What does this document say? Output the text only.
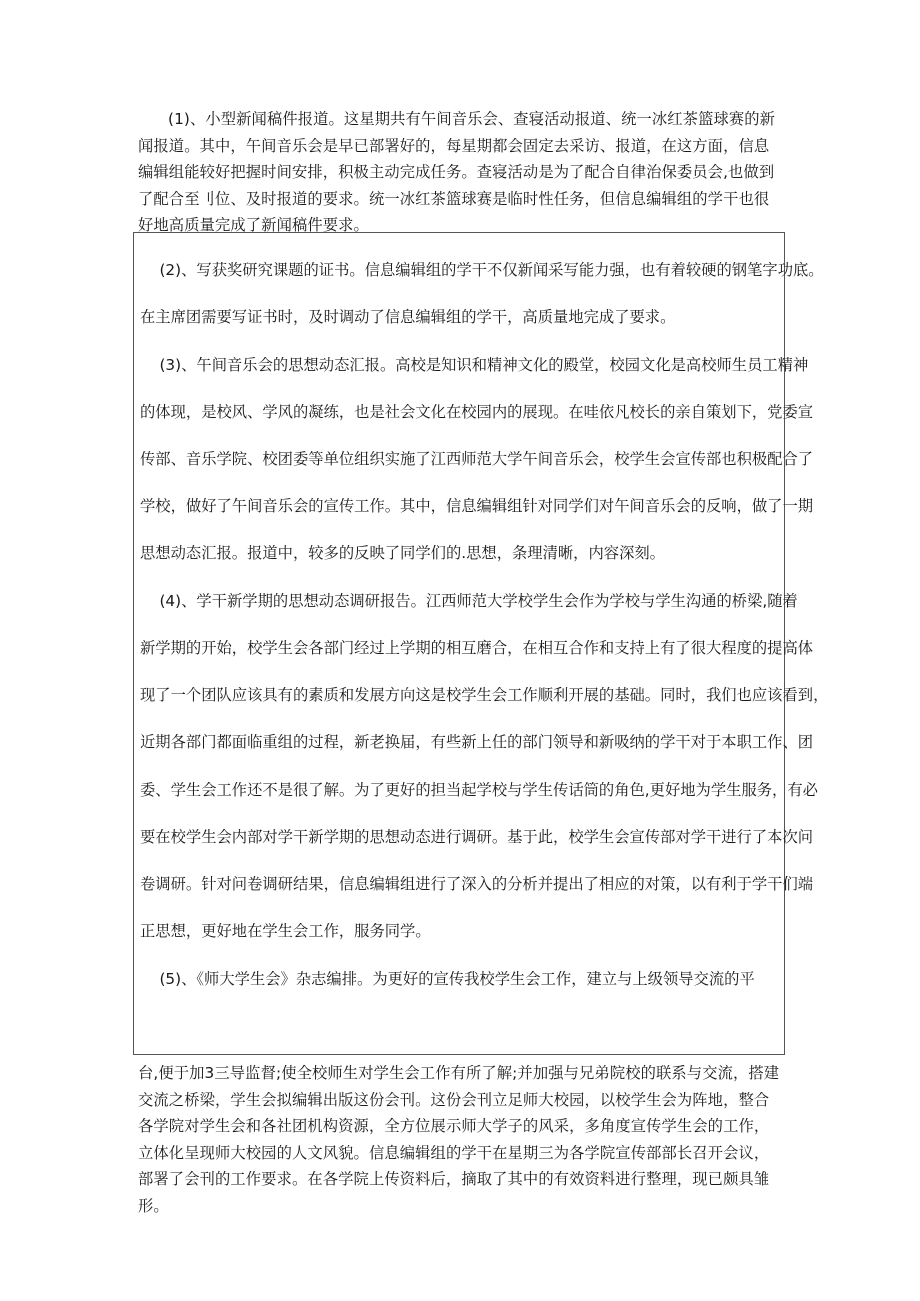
(1)、小型新闻稿件报道。这星期共有午间音乐会、查寝活动报道、统一冰红茶篮球赛的新闻报道。其中，午间音乐会是早已部署好的，每星期都会固定去采访、报道，在这方面，信息编辑组能较好把握时间安排，积极主动完成任务。查寝活动是为了配合自律治保委员会,也做到了配合至刂位、及时报道的要求。统一冰红茶篮球赛是临时性任务，但信息编辑组的学干也很好地高质量完成了新闻稿件要求。
(2)、写获奖研究课题的证书。信息编辑组的学干不仅新闻采写能力强，也有着较硬的钢笔字功底。
在主席团需要写证书时，及时调动了信息编辑组的学干，高质量地完成了要求。
(3)、午间音乐会的思想动态汇报。高校是知识和精神文化的殿堂，校园文化是高校师生员工精神
的体现，是校风、学风的凝练，也是社会文化在校园内的展现。在哇依凡校长的亲自策划下，党委宣
传部、音乐学院、校团委等单位组织实施了江西师范大学午间音乐会，校学生会宣传部也积极配合了
学校，做好了午间音乐会的宣传工作。其中，信息编辑组针对同学们对午间音乐会的反响，做了一期
思想动态汇报。报道中，较多的反映了同学们的.思想，条理清晰，内容深刻。
(4)、学干新学期的思想动态调研报告。江西师范大学校学生会作为学校与学生沟通的桥梁,随着
新学期的开始，校学生会各部门经过上学期的相互磨合，在相互合作和支持上有了很大程度的提高体
现了一个团队应该具有的素质和发展方向这是校学生会工作顺利开展的基础。同时，我们也应该看到，
近期各部门都面临重组的过程，新老换届，有些新上任的部门领导和新吸纳的学干对于本职工作、团
委、学生会工作还不是很了解。为了更好的担当起学校与学生传话筒的角色,更好地为学生服务，有必
要在校学生会内部对学干新学期的思想动态进行调研。基于此，校学生会宣传部对学干进行了本次问
卷调研。针对问卷调研结果，信息编辑组进行了深入的分析并提出了相应的对策，以有利于学干们端
正思想，更好地在学生会工作，服务同学。
(5)、《师大学生会》杂志编排。为更好的宣传我校学生会工作，建立与上级领导交流的平
台,便于加3三导监督;使全校师生对学生会工作有所了解;并加强与兄弟院校的联系与交流，搭建交流之桥梁，学生会拟编辑出版这份会刊。这份会刊立足师大校园，以校学生会为阵地，整合各学院对学生会和各社团机构资源，全方位展示师大学子的风采，多角度宣传学生会的工作，立体化呈现师大校园的人文风貌。信息编辑组的学干在星期三为各学院宣传部部长召开会议，部署了会刊的工作要求。在各学院上传资料后，摘取了其中的有效资料进行整理，现已颇具雏形。
